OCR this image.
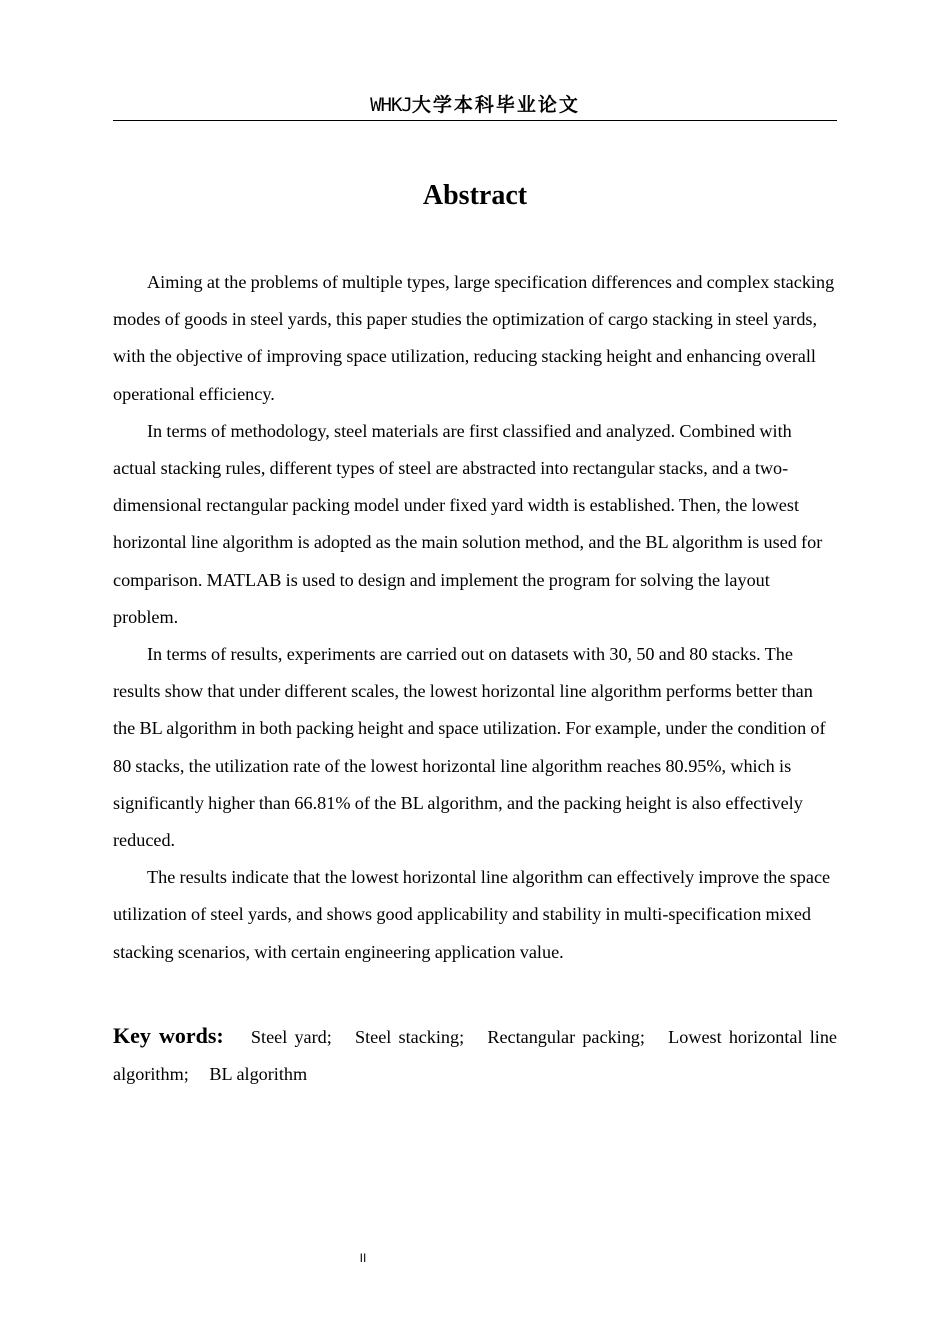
WHKJ大学本科毕业论文
Abstract

Aiming at the problems of multiple types, large specification differences and complex stacking modes of goods in steel yards, this paper studies the optimization of cargo stacking in steel yards, with the objective of improving space utilization, reducing stacking height and enhancing overall operational efficiency.

In terms of methodology, steel materials are first classified and analyzed. Combined with actual stacking rules, different types of steel are abstracted into rectangular stacks, and a two-dimensional rectangular packing model under fixed yard width is established. Then, the lowest horizontal line algorithm is adopted as the main solution method, and the BL algorithm is used for comparison. MATLAB is used to design and implement the program for solving the layout problem.

In terms of results, experiments are carried out on datasets with 30, 50 and 80 stacks. The results show that under different scales, the lowest horizontal line algorithm performs better than the BL algorithm in both packing height and space utilization. For example, under the condition of 80 stacks, the utilization rate of the lowest horizontal line algorithm reaches 80.95%, which is significantly higher than 66.81% of the BL algorithm, and the packing height is also effectively reduced.

The results indicate that the lowest horizontal line algorithm can effectively improve the space utilization of steel yards, and shows good applicability and stability in multi-specification mixed stacking scenarios, with certain engineering application value.

Key words: Steel yard; Steel stacking; Rectangular packing; Lowest horizontal line algorithm; BL algorithm
II
